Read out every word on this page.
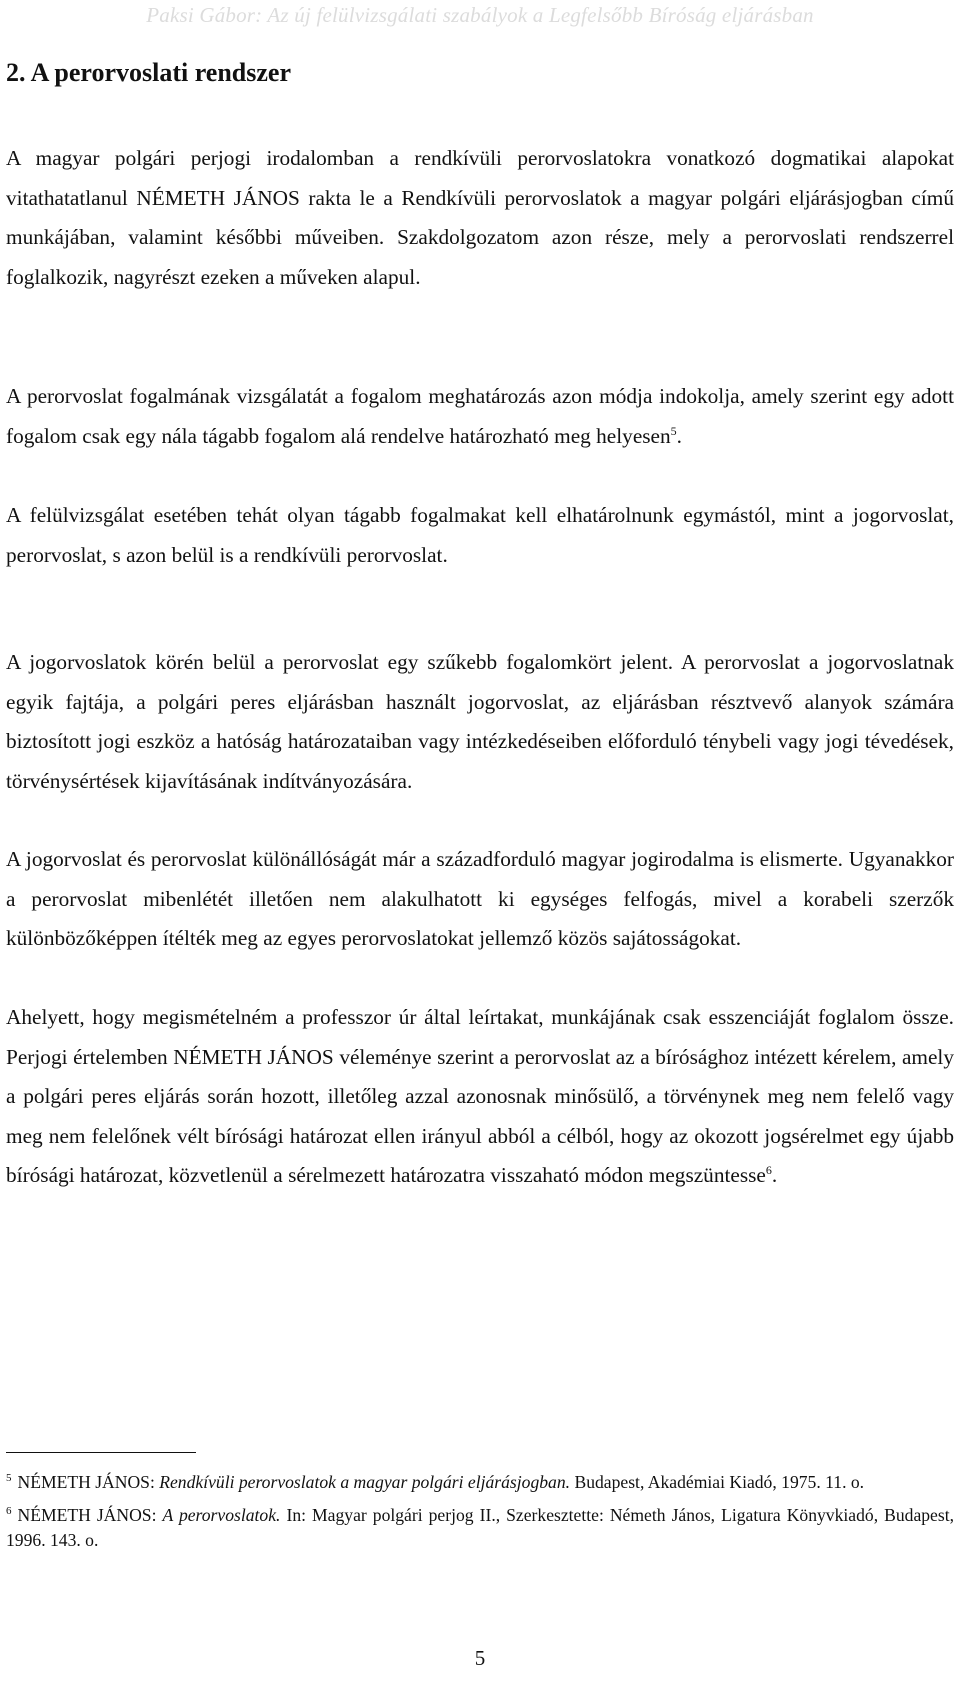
Paksi Gábor: Az új felülvizsgálati szabályok a Legfelsőbb Bíróság eljárásban
2. A perorvoslati rendszer

A magyar polgári perjogi irodalomban a rendkívüli perorvoslatokra vonatkozó dogmatikai alapokat vitathatatlanul NÉMETH JÁNOS rakta le a Rendkívüli perorvoslatok a magyar polgári eljárásjogban című munkájában, valamint későbbi műveiben. Szakdolgozatom azon része, mely a perorvoslati rendszerrel foglalkozik, nagyrészt ezeken a műveken alapul.

A perorvoslat fogalmának vizsgálatát a fogalom meghatározás azon módja indokolja, amely szerint egy adott fogalom csak egy nála tágabb fogalom alá rendelve határozható meg helyesen$^5$.

A felülvizsgálat esetében tehát olyan tágabb fogalmakat kell elhatárolnunk egymástól, mint a jogorvoslat, perorvoslat, s azon belül is a rendkívüli perorvoslat.

A jogorvoslatok körén belül a perorvoslat egy szűkebb fogalomkört jelent. A perorvoslat a jogorvoslatnak egyik fajtája, a polgári peres eljárásban használt jogorvoslat, az eljárásban résztvevő alanyok számára biztosított jogi eszköz a hatóság határozataiban vagy intézkedéseiben előforduló ténybeli vagy jogi tévedések, törvénysértések kijavításának indítványozására.

A jogorvoslat és perorvoslat különállóságát már a századforduló magyar jogirodalma is elismerte. Ugyanakkor a perorvoslat mibenlétét illetően nem alakulhatott ki egységes felfogás, mivel a korabeli szerzők különbözőképpen ítélték meg az egyes perorvoslatokat jellemző közös sajátosságokat.

Ahelyett, hogy megismételném a professzor úr által leírtakat, munkájának csak esszenciáját foglalom össze. Perjogi értelemben NÉMETH JÁNOS véleménye szerint a perorvoslat az a bírósághoz intézett kérelem, amely a polgári peres eljárás során hozott, illetőleg azzal azonosnak minősülő, a törvénynek meg nem felelő vagy meg nem felelőnek vélt bírósági határozat ellen irányul abból a célból, hogy az okozott jogsérelmet egy újabb bírósági határozat, közvetlenül a sérelmezett határozatra visszaható módon megszüntesse$^6$.

$^5$ NÉMETH JÁNOS: Rendkívüli perorvoslatok a magyar polgári eljárásjogban. Budapest, Akadémiai Kiadó, 1975. 11. o.

$^6$ NÉMETH JÁNOS: A perorvoslatok. In: Magyar polgári perjog II., Szerkesztette: Németh János, Ligatura Könyvkiadó, Budapest, 1996. 143. o.

5
